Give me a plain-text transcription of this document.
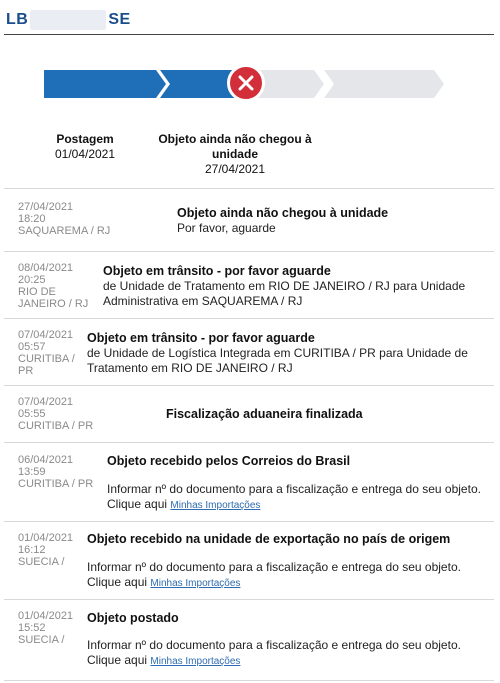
LB	SE
Postagem
01/04/2021
Objeto ainda não chegou à unidade
27/04/2021
27/04/2021
18:20
SAQUAREMA / RJ
Objeto ainda não chegou à unidade
Por favor, aguarde
08/04/2021
20:25
RIO DE JANEIRO / RJ
Objeto em trânsito - por favor aguarde
de Unidade de Tratamento em RIO DE JANEIRO / RJ para Unidade Administrativa em SAQUAREMA / RJ
07/04/2021
05:57
CURITIBA / PR
Objeto em trânsito - por favor aguarde
de Unidade de Logística Integrada em CURITIBA / PR para Unidade de Tratamento em RIO DE JANEIRO / RJ
07/04/2021
05:55
CURITIBA / PR
Fiscalização aduaneira finalizada
06/04/2021
13:59
CURITIBA / PR
Objeto recebido pelos Correios do Brasil
Informar nº do documento para a fiscalização e entrega do seu objeto.
Clique aqui Minhas Importações
01/04/2021
16:12
SUECIA /
Objeto recebido na unidade de exportação no país de origem
Informar nº do documento para a fiscalização e entrega do seu objeto.
Clique aqui Minhas Importações
01/04/2021
15:52
SUECIA /
Objeto postado
Informar nº do documento para a fiscalização e entrega do seu objeto.
Clique aqui Minhas Importações
